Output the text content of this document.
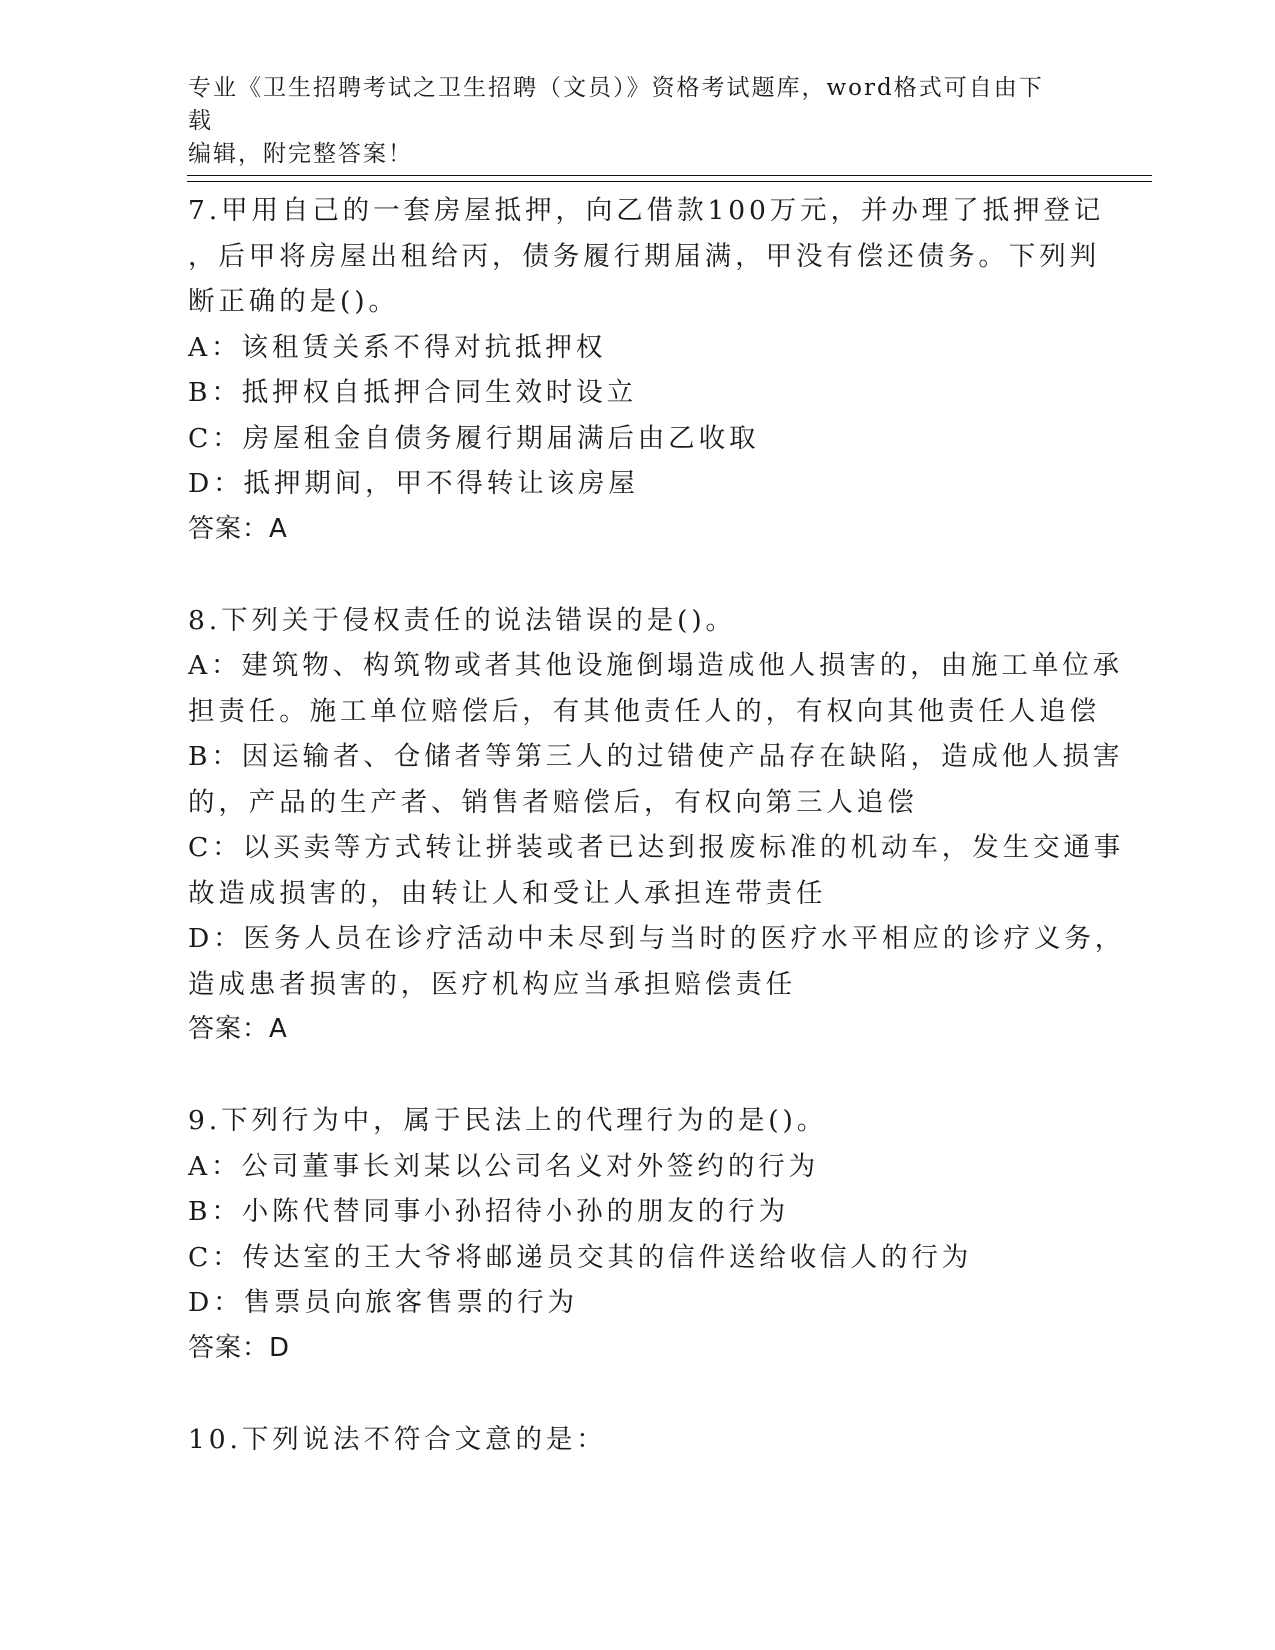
专业《卫生招聘考试之卫生招聘（文员）》资格考试题库，word格式可自由下载
编辑，附完整答案！
7.甲用自己的一套房屋抵押，向乙借款100万元，并办理了抵押登记
，后甲将房屋出租给丙，债务履行期届满，甲没有偿还债务。下列判
断正确的是()。
A：该租赁关系不得对抗抵押权
B：抵押权自抵押合同生效时设立
C：房屋租金自债务履行期届满后由乙收取
D：抵押期间，甲不得转让该房屋
答案：A
8.下列关于侵权责任的说法错误的是()。
A：建筑物、构筑物或者其他设施倒塌造成他人损害的，由施工单位承
担责任。施工单位赔偿后，有其他责任人的，有权向其他责任人追偿
B：因运输者、仓储者等第三人的过错使产品存在缺陷，造成他人损害
的，产品的生产者、销售者赔偿后，有权向第三人追偿
C：以买卖等方式转让拼装或者已达到报废标准的机动车，发生交通事
故造成损害的，由转让人和受让人承担连带责任
D：医务人员在诊疗活动中未尽到与当时的医疗水平相应的诊疗义务，
造成患者损害的，医疗机构应当承担赔偿责任
答案：A
9.下列行为中，属于民法上的代理行为的是()。
A：公司董事长刘某以公司名义对外签约的行为
B：小陈代替同事小孙招待小孙的朋友的行为
C：传达室的王大爷将邮递员交其的信件送给收信人的行为
D：售票员向旅客售票的行为
答案：D
10.下列说法不符合文意的是：
